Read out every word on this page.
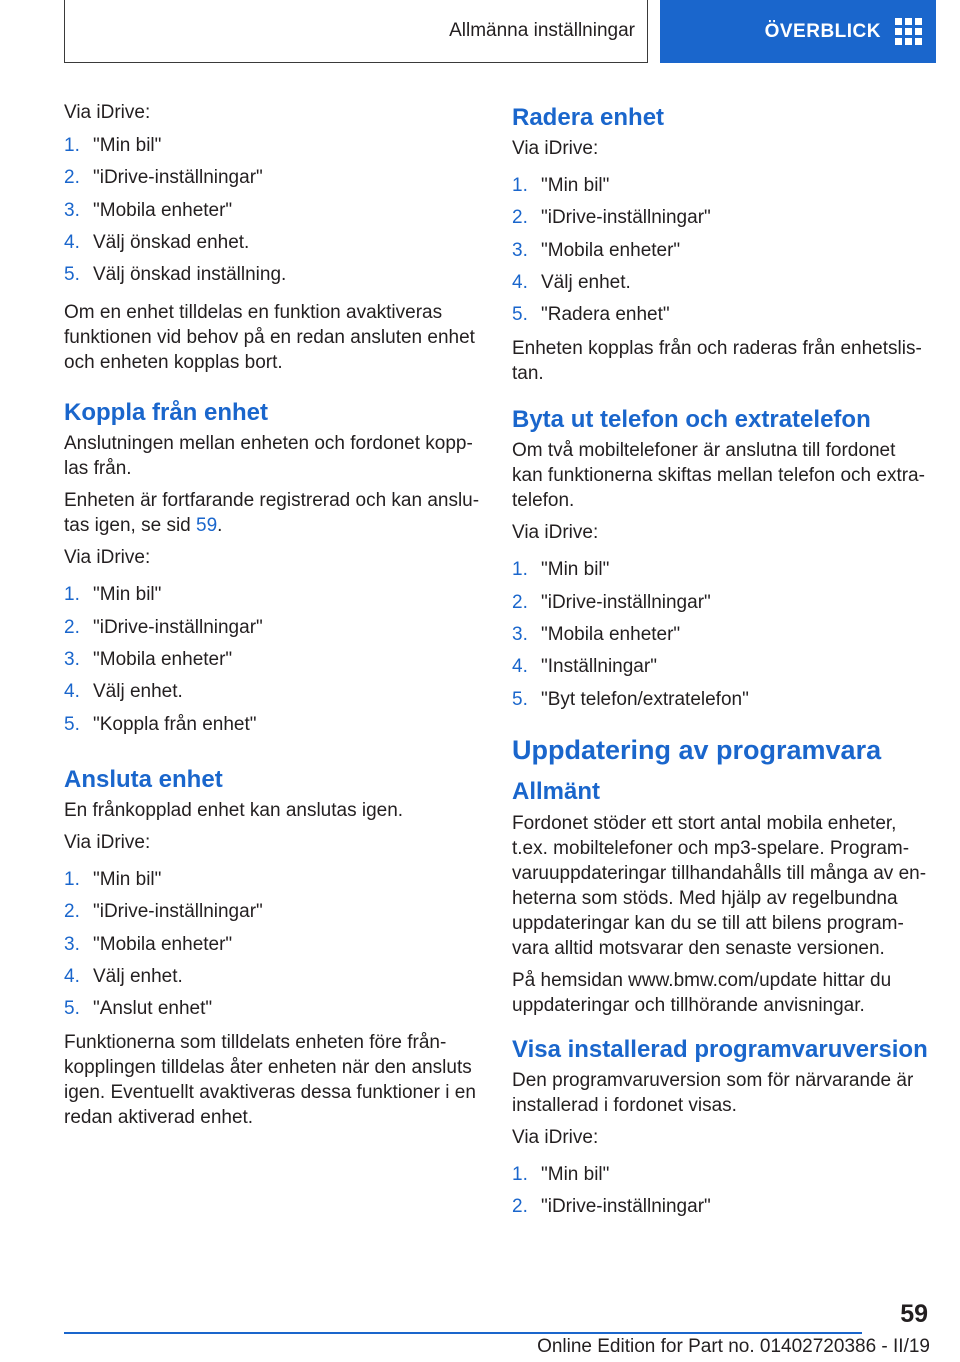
Allmänna inställningar	ÖVERBLICK

Via iDrive:

1. "Min bil"
2. "iDrive-inställningar"
3. "Mobila enheter"
4. Välj önskad enhet.
5. Välj önskad inställning.

Om en enhet tilldelas en funktion avaktiveras funktionen vid behov på en redan ansluten enhet och enheten kopplas bort.

Koppla från enhet

Anslutningen mellan enheten och fordonet kopplas från.

Enheten är fortfarande registrerad och kan anslutas igen, se sid 59.

Via iDrive:

1. "Min bil"
2. "iDrive-inställningar"
3. "Mobila enheter"
4. Välj enhet.
5. "Koppla från enhet"
Ansluta enhet

En frånkopplad enhet kan anslutas igen.

Via iDrive:

1. "Min bil"
2. "iDrive-inställningar"
3. "Mobila enheter"
4. Välj enhet.
5. "Anslut enhet"

Funktionerna som tilldelats enheten före frånkopplingen tilldelas åter enheten när den ansluts igen. Eventuellt avaktiveras dessa funktioner i en redan aktiverad enhet.

Radera enhet

Via iDrive:

1. "Min bil"
2. "iDrive-inställningar"
3. "Mobila enheter"
4. Välj enhet.
5. "Radera enhet"

Enheten kopplas från och raderas från enhetslistan.

Byta ut telefon och extratelefon

Om två mobiltelefoner är anslutna till fordonet kan funktionerna skiftas mellan telefon och extratelefon.

Via iDrive:

1. "Min bil"
2. "iDrive-inställningar"
3. "Mobila enheter"
4. "Inställningar"
5. "Byt telefon/extratelefon"
Uppdatering av programvara
Allmänt

Fordonet stöder ett stort antal mobila enheter, t.ex. mobiltelefoner och mp3-spelare. Programvaruuppdateringar tillhandahålls till många av enheterna som stöds. Med hjälp av regelbundna uppdateringar kan du se till att bilens programvara alltid motsvarar den senaste versionen.

På hemsidan www.bmw.com/update hittar du uppdateringar och tillhörande anvisningar.

Visa installerad programvaruversion

Den programvaruversion som för närvarande är installerad i fordonet visas.

Via iDrive:

1. "Min bil"
2. "iDrive-inställningar"
59
Online Edition for Part no. 01402720386 - II/19
